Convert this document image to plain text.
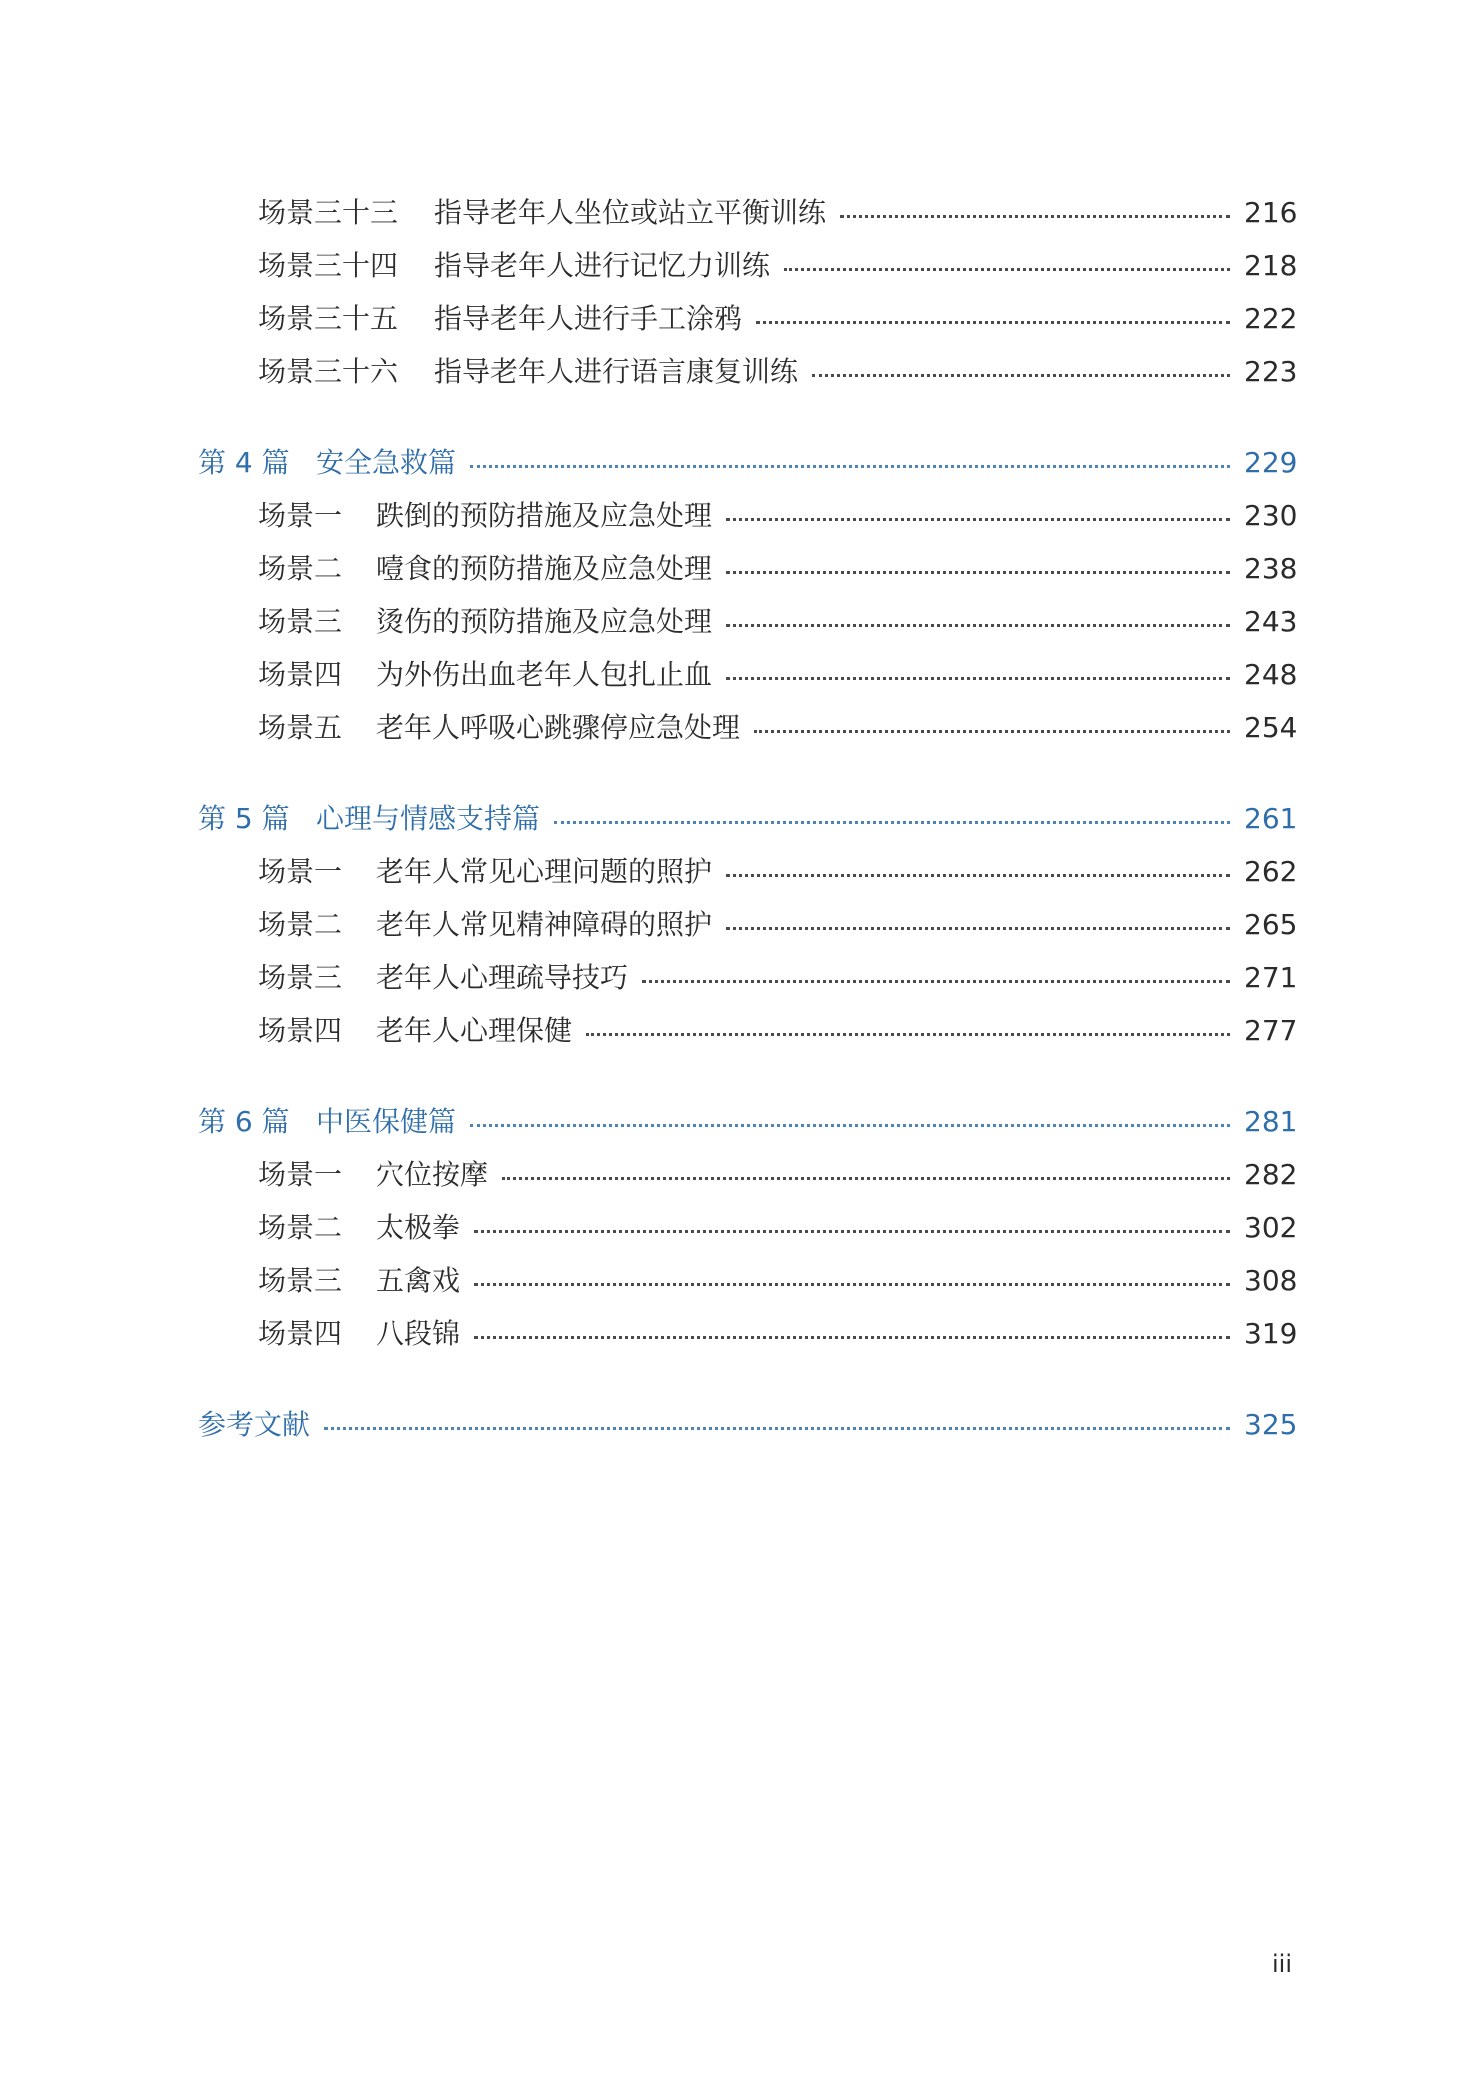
场景三十三	指导老年人坐位或站立平衡训练	216
场景三十四	指导老年人进行记忆力训练	218
场景三十五	指导老年人进行手工涂鸦	222
场景三十六	指导老年人进行语言康复训练	223
第 4 篇 安全急救篇	229
场景一	跌倒的预防措施及应急处理	230
场景二	噎食的预防措施及应急处理	238
场景三	烫伤的预防措施及应急处理	243
场景四	为外伤出血老年人包扎止血	248
场景五	老年人呼吸心跳骤停应急处理	254
第 5 篇 心理与情感支持篇	261
场景一	老年人常见心理问题的照护	262
场景二	老年人常见精神障碍的照护	265
场景三	老年人心理疏导技巧	271
场景四	老年人心理保健	277
第 6 篇 中医保健篇	281
场景一	穴位按摩	282
场景二	太极拳	302
场景三	五禽戏	308
场景四	八段锦	319
参考文献	325
iii
